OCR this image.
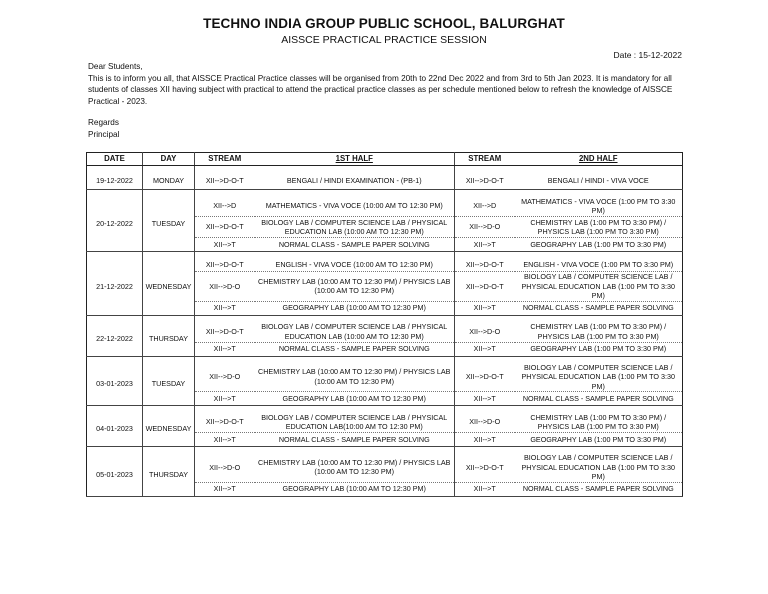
TECHNO INDIA GROUP PUBLIC SCHOOL, BALURGHAT
AISSCE PRACTICAL PRACTICE SESSION
Date : 15-12-2022

Dear Students,

This is to inform you all, that AISSCE Practical Practice classes will be organised from 20th to 22nd Dec 2022 and from 3rd to 5th Jan 2023. It is mandatory for all students of classes XII having subject with practical to attend the practical practice classes as per schedule mentioned below to refresh the knowledge of AISSCE Practical - 2023.

Regards
Principal
DATE	DAY	STREAM	1ST HALF	STREAM	2ND HALF

19-12-2022	MONDAY	XII-->D-O-T	BENGALI / HINDI EXAMINATION - (PB-1)	XII-->D-O-T	BENGALI / HINDI - VIVA VOCE

20-12-2022	TUESDAY	XII-->D	MATHEMATICS - VIVA VOCE (10:00 AM TO 12:30 PM)	XII-->D	MATHEMATICS - VIVA VOCE (1:00 PM TO 3:30 PM)
		XII-->D-O-T	BIOLOGY LAB / COMPUTER SCIENCE LAB / PHYSICAL EDUCATION LAB (10:00 AM TO 12:30 PM)	XII-->D-O	CHEMISTRY LAB (1:00 PM TO 3:30 PM) / PHYSICS LAB (1:00 PM TO 3:30 PM)
		XII-->T	NORMAL CLASS - SAMPLE PAPER SOLVING	XII-->T	GEOGRAPHY LAB (1:00 PM TO 3:30 PM)

21-12-2022	WEDNESDAY	XII-->D-O-T	ENGLISH - VIVA VOCE (10:00 AM TO 12:30 PM)	XII-->D-O-T	ENGLISH - VIVA VOCE (1:00 PM TO 3:30 PM)
		XII-->D-O	CHEMISTRY LAB (10:00 AM TO 12:30 PM) / PHYSICS LAB (10:00 AM TO 12:30 PM)	XII-->D-O-T	BIOLOGY LAB / COMPUTER SCIENCE LAB / PHYSICAL EDUCATION LAB (1:00 PM TO 3:30 PM)
		XII-->T	GEOGRAPHY LAB (10:00 AM TO 12:30 PM)	XII-->T	NORMAL CLASS - SAMPLE PAPER SOLVING

22-12-2022	THURSDAY	XII-->D-O-T	BIOLOGY LAB / COMPUTER SCIENCE LAB / PHYSICAL EDUCATION LAB (10:00 AM TO 12:30 PM)	XII-->D-O	CHEMISTRY LAB (1:00 PM TO 3:30 PM) / PHYSICS LAB (1:00 PM TO 3:30 PM)
		XII-->T	NORMAL CLASS - SAMPLE PAPER SOLVING	XII-->T	GEOGRAPHY LAB (1:00 PM TO 3:30 PM)

03-01-2023	TUESDAY	XII-->D-O	CHEMISTRY LAB (10:00 AM TO 12:30 PM) / PHYSICS LAB (10:00 AM TO 12:30 PM)	XII-->D-O-T	BIOLOGY LAB / COMPUTER SCIENCE LAB / PHYSICAL EDUCATION LAB (1:00 PM TO 3:30 PM)
		XII-->T	GEOGRAPHY LAB (10:00 AM TO 12:30 PM)	XII-->T	NORMAL CLASS - SAMPLE PAPER SOLVING

04-01-2023	WEDNESDAY	XII-->D-O-T	BIOLOGY LAB / COMPUTER SCIENCE LAB / PHYSICAL EDUCATION LAB(10:00 AM TO 12:30 PM)	XII-->D-O	CHEMISTRY LAB (1:00 PM TO 3:30 PM) / PHYSICS LAB (1:00 PM TO 3:30 PM)
		XII-->T	NORMAL CLASS - SAMPLE PAPER SOLVING	XII-->T	GEOGRAPHY LAB (1:00 PM TO 3:30 PM)

05-01-2023	THURSDAY	XII-->D-O	CHEMISTRY LAB (10:00 AM TO 12:30 PM) / PHYSICS LAB (10:00 AM TO 12:30 PM)	XII-->D-O-T	BIOLOGY LAB / COMPUTER SCIENCE LAB / PHYSICAL EDUCATION LAB (1:00 PM TO 3:30 PM)
		XII-->T	GEOGRAPHY LAB (10:00 AM TO 12:30 PM)	XII-->T	NORMAL CLASS - SAMPLE PAPER SOLVING
